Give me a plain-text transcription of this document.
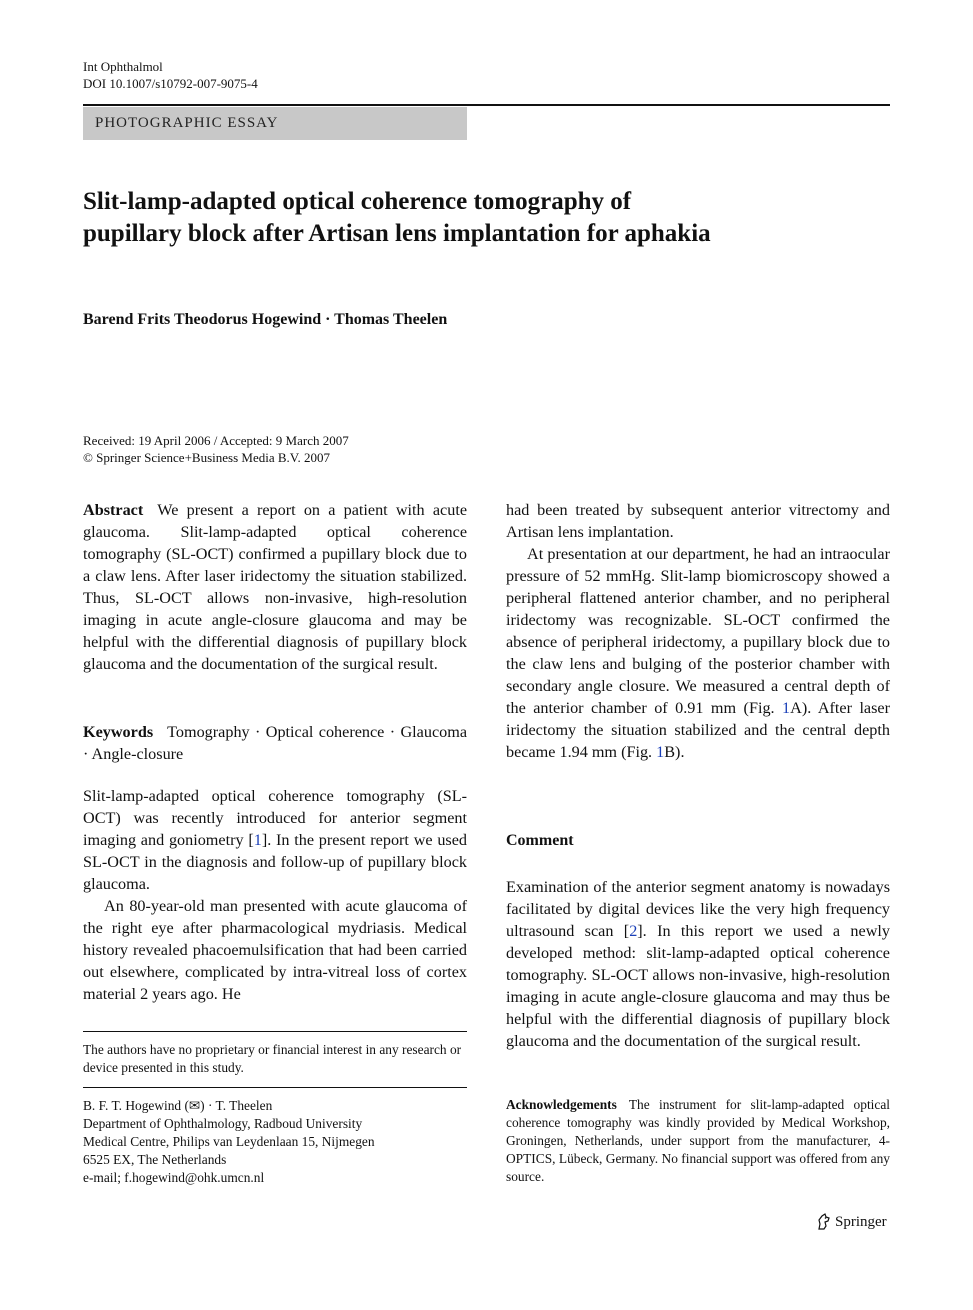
Int Ophthalmol
DOI 10.1007/s10792-007-9075-4
PHOTOGRAPHIC ESSAY
Slit-lamp-adapted optical coherence tomography of pupillary block after Artisan lens implantation for aphakia
Barend Frits Theodorus Hogewind · Thomas Theelen
Received: 19 April 2006 / Accepted: 9 March 2007
© Springer Science+Business Media B.V. 2007

Abstract We present a report on a patient with acute glaucoma. Slit-lamp-adapted optical coherence tomography (SL-OCT) confirmed a pupillary block due to a claw lens. After laser iridectomy the situation stabilized. Thus, SL-OCT allows non-invasive, high-resolution imaging in acute angle-closure glaucoma and may be helpful with the differential diagnosis of pupillary block glaucoma and the documentation of the surgical result.

Keywords Tomography · Optical coherence · Glaucoma · Angle-closure

Slit-lamp-adapted optical coherence tomography (SL-OCT) was recently introduced for anterior segment imaging and goniometry [1]. In the present report we used SL-OCT in the diagnosis and follow-up of pupillary block glaucoma.

An 80-year-old man presented with acute glaucoma of the right eye after pharmacological mydriasis. Medical history revealed phacoemulsification that had been carried out elsewhere, complicated by intra-vitreal loss of cortex material 2 years ago. He

The authors have no proprietary or financial interest in any research or device presented in this study.
B. F. T. Hogewind (✉) · T. Theelen
Department of Ophthalmology, Radboud University
Medical Centre, Philips van Leydenlaan 15, Nijmegen
6525 EX, The Netherlands
e-mail; f.hogewind@ohk.umcn.nl

had been treated by subsequent anterior vitrectomy and Artisan lens implantation.

At presentation at our department, he had an intraocular pressure of 52 mmHg. Slit-lamp biomicroscopy showed a peripheral flattened anterior chamber, and no peripheral iridectomy was recognizable. SL-OCT confirmed the absence of peripheral iridectomy, a pupillary block due to the claw lens and bulging of the posterior chamber with secondary angle closure. We measured a central depth of the anterior chamber of 0.91 mm (Fig. 1A). After laser iridectomy the situation stabilized and the central depth became 1.94 mm (Fig. 1B).

Comment

Examination of the anterior segment anatomy is nowadays facilitated by digital devices like the very high frequency ultrasound scan [2]. In this report we used a newly developed method: slit-lamp-adapted optical coherence tomography. SL-OCT allows non-invasive, high-resolution imaging in acute angle-closure glaucoma and may thus be helpful with the differential diagnosis of pupillary block glaucoma and the documentation of the surgical result.

Acknowledgements The instrument for slit-lamp-adapted optical coherence tomography was kindly provided by Medical Workshop, Groningen, Netherlands, under support from the manufacturer, 4-OPTICS, Lübeck, Germany. No financial support was offered from any source.
Springer
